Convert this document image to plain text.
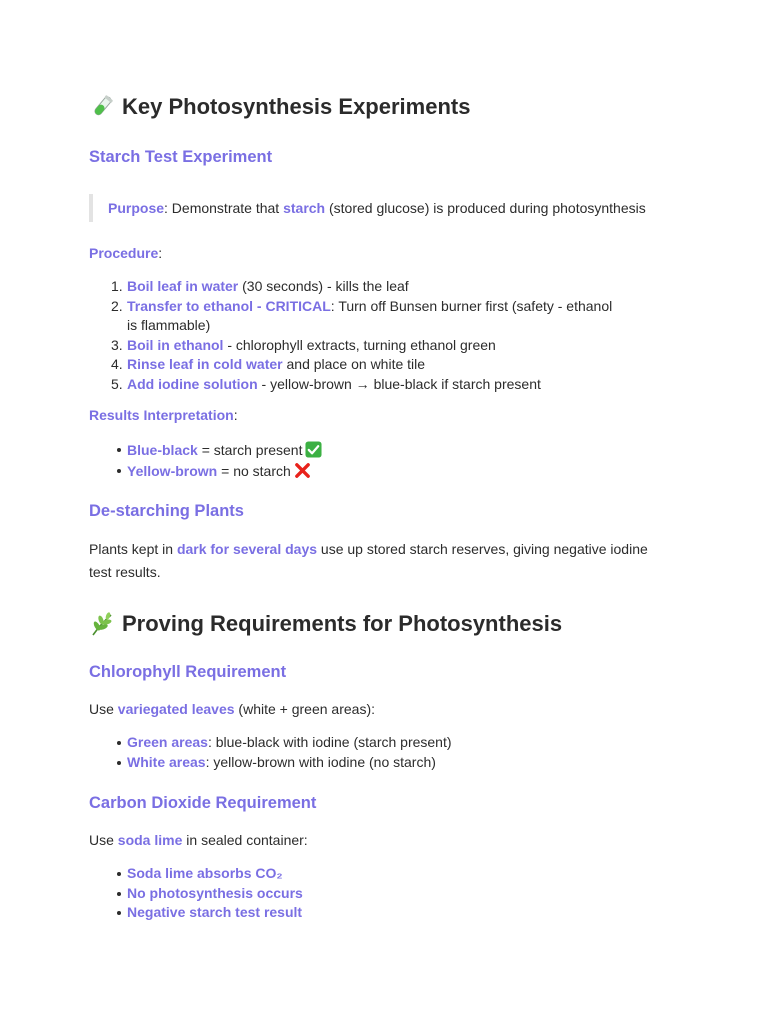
Key Photosynthesis Experiments
Starch Test Experiment
Purpose: Demonstrate that starch (stored glucose) is produced during photosynthesis

Procedure:

1. Boil leaf in water (30 seconds) - kills the leaf
2. Transfer to ethanol - CRITICAL: Turn off Bunsen burner first (safety - ethanol
is flammable)
3. Boil in ethanol - chlorophyll extracts, turning ethanol green
4. Rinse leaf in cold water and place on white tile
5. Add iodine solution - yellow-brown → blue-black if starch present

Results Interpretation:

Blue-black = starch present
Yellow-brown = no starch
De-starching Plants

Plants kept in dark for several days use up stored starch reserves, giving negative iodine

test results.

Proving Requirements for Photosynthesis
Chlorophyll Requirement

Use variegated leaves (white + green areas):

Green areas: blue-black with iodine (starch present)
White areas: yellow-brown with iodine (no starch)
Carbon Dioxide Requirement

Use soda lime in sealed container:

Soda lime absorbs CO₂
No photosynthesis occurs
Negative starch test result
